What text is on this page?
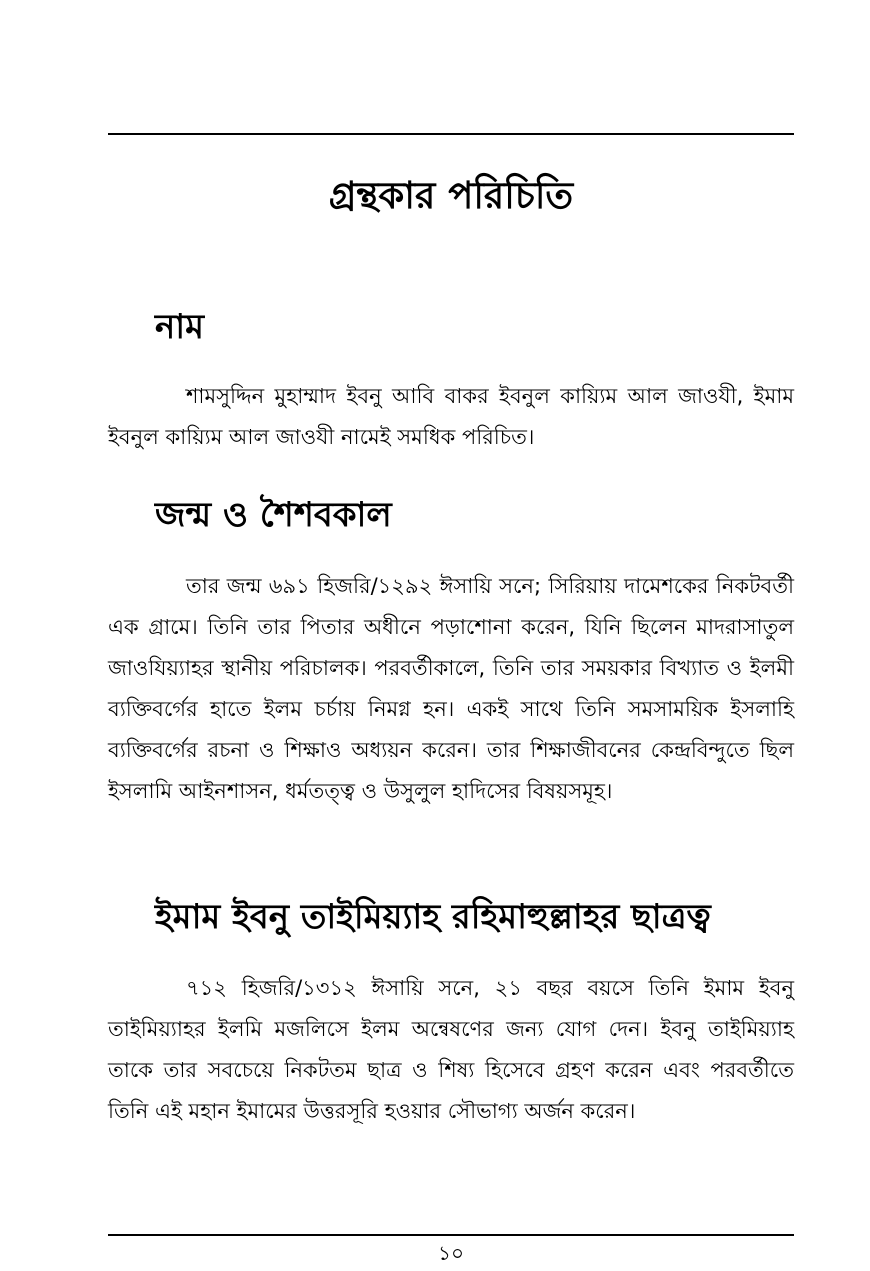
গ্রন্থকার পরিচিতি
নাম

শামসুদ্দিন মুহাম্মাদ ইবনু আবি বাকর ইবনুল কায়্যিম আল জাওযী, ইমাম ইবনুল কায়্যিম আল জাওযী নামেই সমধিক পরিচিত।

জন্ম ও শৈশবকাল

তার জন্ম ৬৯১ হিজরি/১২৯২ ঈসায়ি সনে; সিরিয়ায় দামেশকের নিকটবর্তী এক গ্রামে। তিনি তার পিতার অধীনে পড়াশোনা করেন, যিনি ছিলেন মাদরাসাতুল জাওযিয়্যাহর স্থানীয় পরিচালক। পরবর্তীকালে, তিনি তার সময়কার বিখ্যাত ও ইলমী ব্যক্তিবর্গের হাতে ইলম চর্চায় নিমগ্ন হন। একই সাথে তিনি সমসাময়িক ইসলাহি ব্যক্তিবর্গের রচনা ও শিক্ষাও অধ্যয়ন করেন। তার শিক্ষাজীবনের কেন্দ্রবিন্দুতে ছিল ইসলামি আইনশাসন, ধর্মতত্ত্ব ও উসুলুল হাদিসের বিষয়সমূহ।

ইমাম ইবনু তাইমিয়্যাহ রহিমাহুল্লাহর ছাত্রত্ব

৭১২ হিজরি/১৩১২ ঈসায়ি সনে, ২১ বছর বয়সে তিনি ইমাম ইবনু তাইমিয়্যাহর ইলমি মজলিসে ইলম অন্বেষণের জন্য যোগ দেন। ইবনু তাইমিয়্যাহ তাকে তার সবচেয়ে নিকটতম ছাত্র ও শিষ্য হিসেবে গ্রহণ করেন এবং পরবর্তীতে তিনি এই মহান ইমামের উত্তরসূরি হওয়ার সৌভাগ্য অর্জন করেন।

১০
